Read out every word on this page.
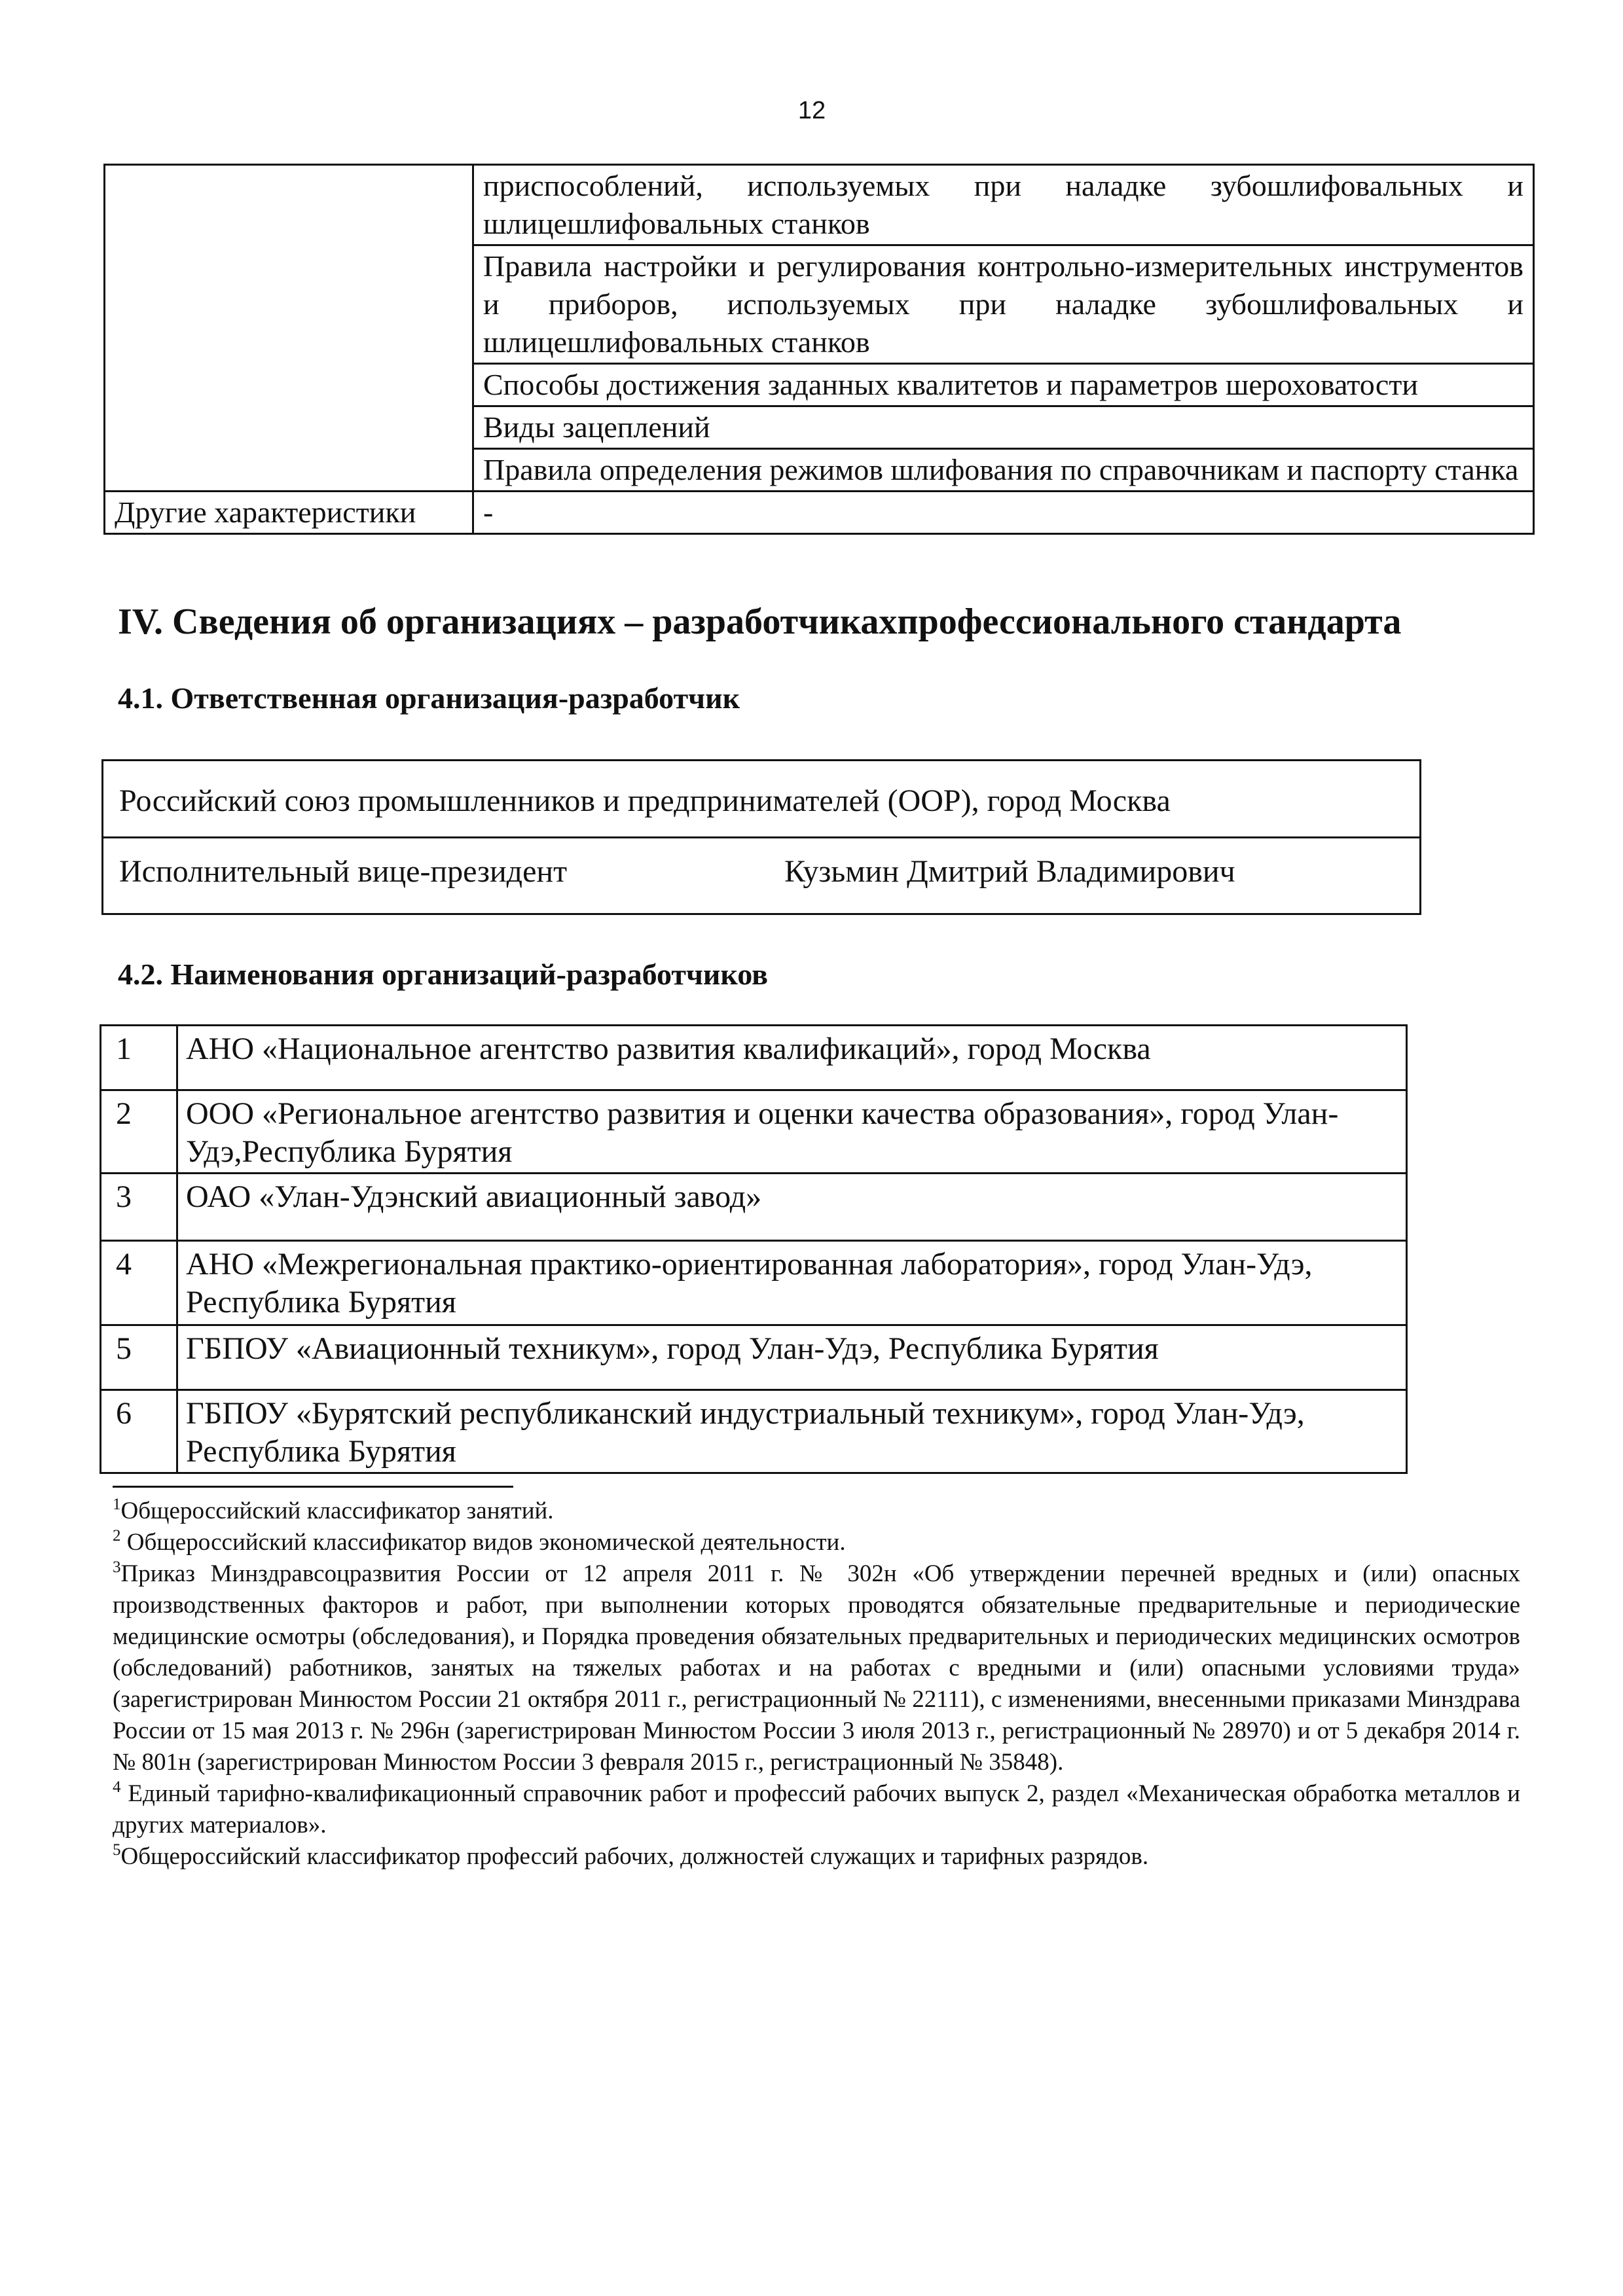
12
	приспособлений, используемых при наладке зубошлифовальных и шлицешлифовальных станков
	Правила настройки и регулирования контрольно-измерительных инструментов и приборов, используемых при наладке зубошлифовальных и шлицешлифовальных станков
	Способы достижения заданных квалитетов и параметров шероховатости
	Виды зацеплений
	Правила определения режимов шлифования по справочникам и паспорту станка
Другие характеристики	-
IV. Сведения об организациях – разработчикахпрофессионального стандарта
4.1. Ответственная организация-разработчик
Российский союз промышленников и предпринимателей (ООР), город Москва
Исполнительный вице-президент	Кузьмин Дмитрий Владимирович
4.2. Наименования организаций-разработчиков
1	АНО «Национальное агентство развития квалификаций», город Москва
2	ООО «Региональное агентство развития и оценки качества образования», город Улан-Удэ,Республика Бурятия
3	ОАО «Улан-Удэнский авиационный завод»
4	АНО «Межрегиональная практико-ориентированная лаборатория», город Улан-Удэ, Республика Бурятия
5	ГБПОУ «Авиационный техникум», город Улан-Удэ, Республика Бурятия
6	ГБПОУ «Бурятский республиканский индустриальный техникум», город Улан-Удэ, Республика Бурятия

$^1$Общероссийский классификатор занятий.

$^2$ Общероссийский классификатор видов экономической деятельности.

$^3$Приказ Минздравсоцразвития России от 12 апреля 2011 г. № 302н «Об утверждении перечней вредных и (или) опасных производственных факторов и работ, при выполнении которых проводятся обязательные предварительные и периодические медицинские осмотры (обследования), и Порядка проведения обязательных предварительных и периодических медицинских осмотров (обследований) работников, занятых на тяжелых работах и на работах с вредными и (или) опасными условиями труда» (зарегистрирован Минюстом России 21 октября 2011 г., регистрационный № 22111), с изменениями, внесенными приказами Минздрава России от 15 мая 2013 г. № 296н (зарегистрирован Минюстом России 3 июля 2013 г., регистрационный № 28970) и от 5 декабря 2014 г. № 801н (зарегистрирован Минюстом России 3 февраля 2015 г., регистрационный № 35848).

$^4$ Единый тарифно-квалификационный справочник работ и профессий рабочих выпуск 2, раздел «Механическая обработка металлов и других материалов».

$^5$Общероссийский классификатор профессий рабочих, должностей служащих и тарифных разрядов.
